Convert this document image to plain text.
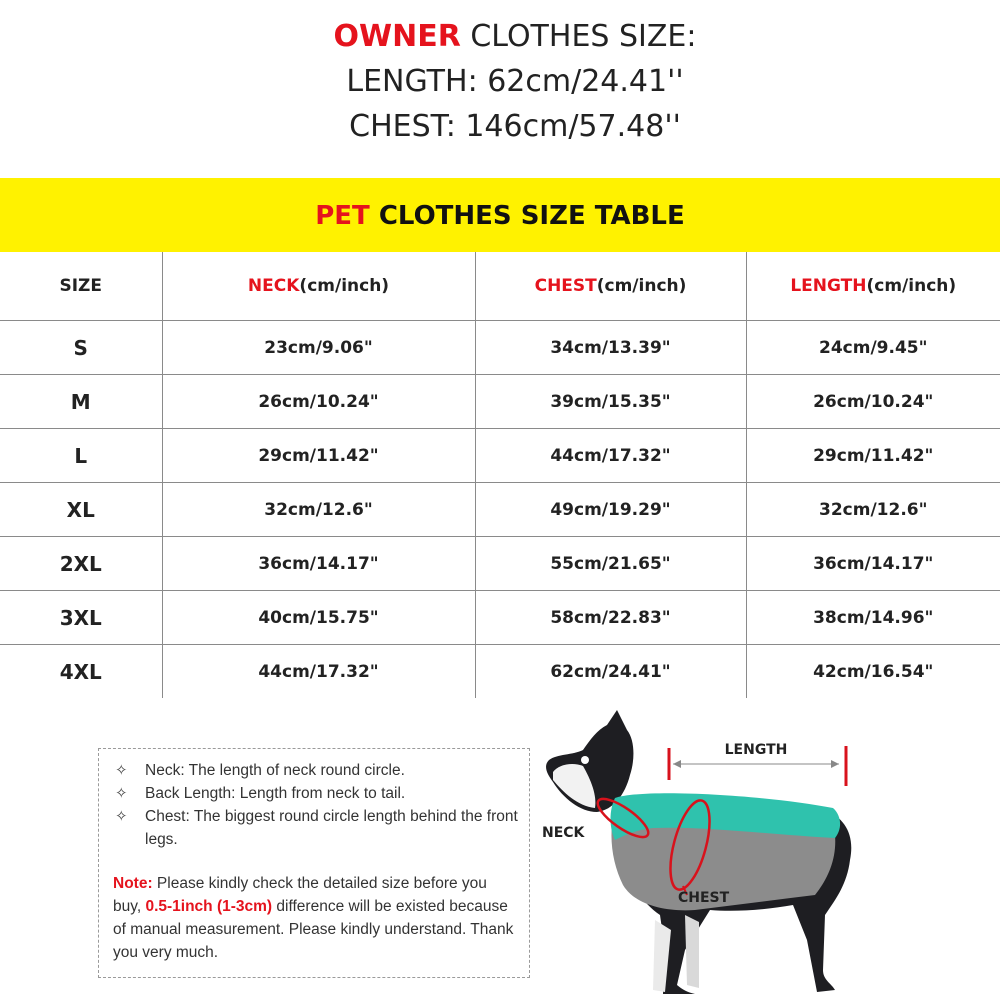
OWNER CLOTHES SIZE:
LENGTH: 62cm/24.41''
CHEST: 146cm/57.48''
PET CLOTHES SIZE TABLE
SIZE	NECK(cm/inch)	CHEST(cm/inch)	LENGTH(cm/inch)
S	23cm/9.06"	34cm/13.39"	24cm/9.45"
M	26cm/10.24"	39cm/15.35"	26cm/10.24"
L	29cm/11.42"	44cm/17.32"	29cm/11.42"
XL	32cm/12.6"	49cm/19.29"	32cm/12.6"
2XL	36cm/14.17"	55cm/21.65"	36cm/14.17"
3XL	40cm/15.75"	58cm/22.83"	38cm/14.96"
4XL	44cm/17.32"	62cm/24.41"	42cm/16.54"
✧ Neck: The length of neck round circle.
✧ Back Length: Length from neck to tail.
✧ Chest: The biggest round circle length behind the front legs.
Note: Please kindly check the detailed size before you buy, 0.5-1inch (1-3cm) difference will be existed because of manual measurement. Please kindly understand. Thank you very much.
LENGTH
NECK
CHEST
